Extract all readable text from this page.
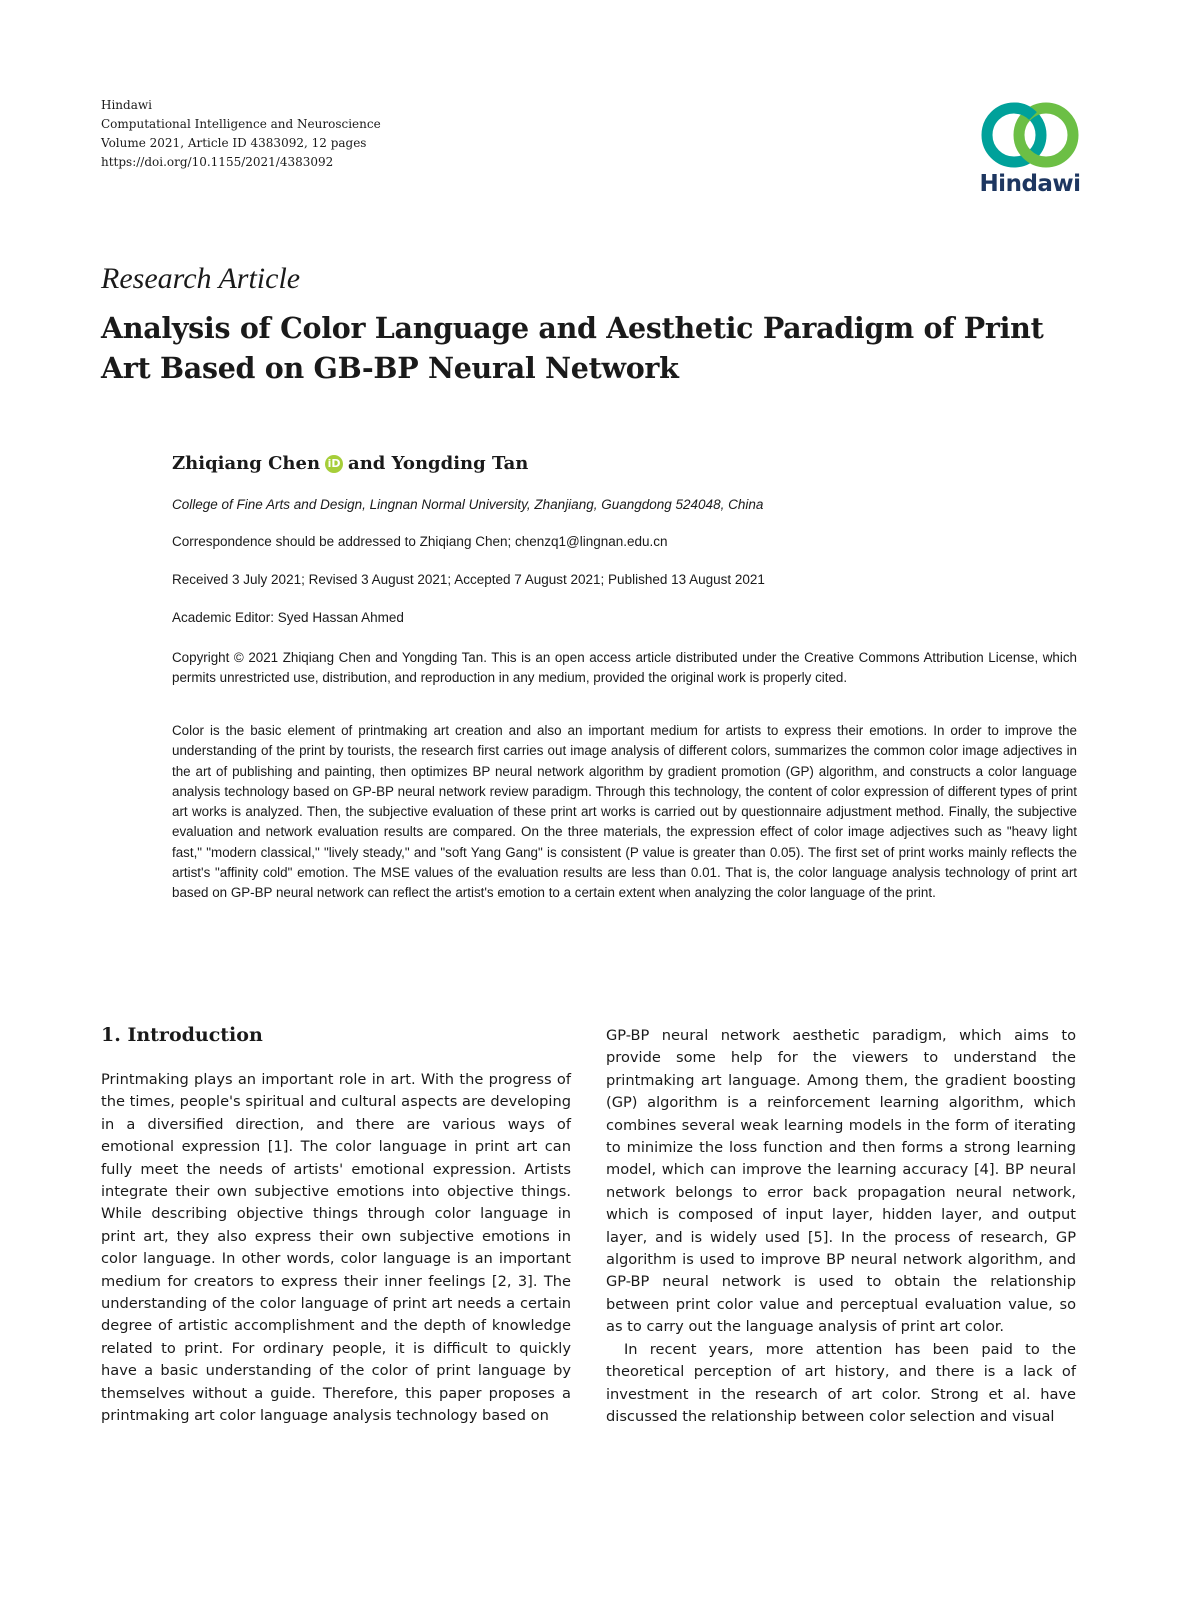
Hindawi
Computational Intelligence and Neuroscience
Volume 2021, Article ID 4383092, 12 pages
https://doi.org/10.1155/2021/4383092
Hindawi
Research Article
Analysis of Color Language and Aesthetic Paradigm of Print Art Based on GB-BP Neural Network
Zhiqiang Chen iD and Yongding Tan
College of Fine Arts and Design, Lingnan Normal University, Zhanjiang, Guangdong 524048, China
Correspondence should be addressed to Zhiqiang Chen; chenzq1@lingnan.edu.cn
Received 3 July 2021; Revised 3 August 2021; Accepted 7 August 2021; Published 13 August 2021
Academic Editor: Syed Hassan Ahmed

Copyright © 2021 Zhiqiang Chen and Yongding Tan. This is an open access article distributed under the Creative Commons Attribution License, which permits unrestricted use, distribution, and reproduction in any medium, provided the original work is properly cited.

Color is the basic element of printmaking art creation and also an important medium for artists to express their emotions. In order to improve the understanding of the print by tourists, the research first carries out image analysis of different colors, summarizes the common color image adjectives in the art of publishing and painting, then optimizes BP neural network algorithm by gradient promotion (GP) algorithm, and constructs a color language analysis technology based on GP-BP neural network review paradigm. Through this technology, the content of color expression of different types of print art works is analyzed. Then, the subjective evaluation of these print art works is carried out by questionnaire adjustment method. Finally, the subjective evaluation and network evaluation results are compared. On the three materials, the expression effect of color image adjectives such as "heavy light fast," "modern classical," "lively steady," and "soft Yang Gang" is consistent (P value is greater than 0.05). The first set of print works mainly reflects the artist's "affinity cold" emotion. The MSE values of the evaluation results are less than 0.01. That is, the color language analysis technology of print art based on GP-BP neural network can reflect the artist's emotion to a certain extent when analyzing the color language of the print.

1. Introduction

Printmaking plays an important role in art. With the progress of the times, people's spiritual and cultural aspects are developing in a diversified direction, and there are various ways of emotional expression [1]. The color language in print art can fully meet the needs of artists' emotional expression. Artists integrate their own subjective emotions into objective things. While describing objective things through color language in print art, they also express their own subjective emotions in color language. In other words, color language is an important medium for creators to express their inner feelings [2, 3]. The understanding of the color language of print art needs a certain degree of artistic accomplishment and the depth of knowledge related to print. For ordinary people, it is difficult to quickly have a basic understanding of the color of print language by themselves without a guide. Therefore, this paper proposes a printmaking art color language analysis technology based on

GP-BP neural network aesthetic paradigm, which aims to provide some help for the viewers to understand the printmaking art language. Among them, the gradient boosting (GP) algorithm is a reinforcement learning algorithm, which combines several weak learning models in the form of iterating to minimize the loss function and then forms a strong learning model, which can improve the learning accuracy [4]. BP neural network belongs to error back propagation neural network, which is composed of input layer, hidden layer, and output layer, and is widely used [5]. In the process of research, GP algorithm is used to improve BP neural network algorithm, and GP-BP neural network is used to obtain the relationship between print color value and perceptual evaluation value, so as to carry out the language analysis of print art color.

In recent years, more attention has been paid to the theoretical perception of art history, and there is a lack of investment in the research of art color. Strong et al. have discussed the relationship between color selection and visual
